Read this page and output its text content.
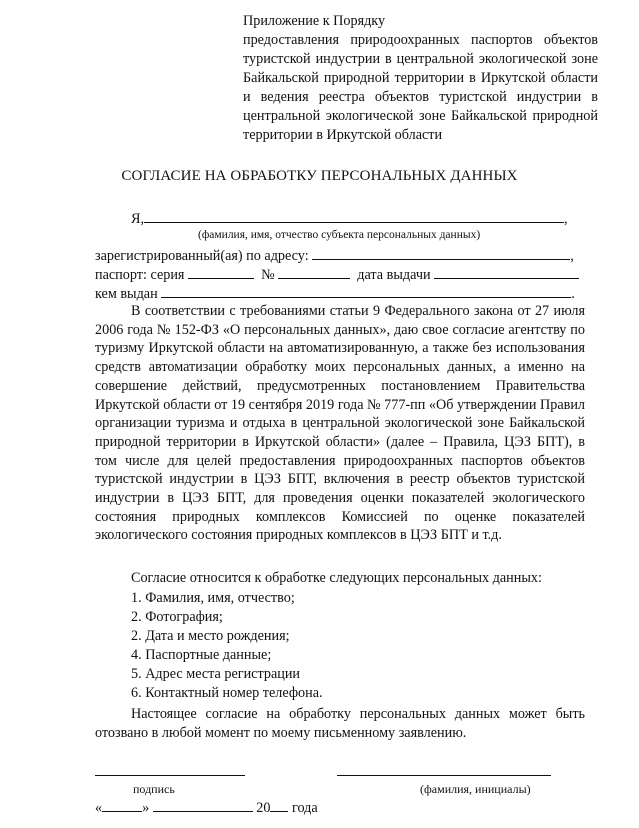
Приложение к Порядку
предоставления природоохранных паспортов объектов туристской индустрии в центральной экологической зоне Байкальской природной территории в Иркутской области и ведения реестра объектов туристской индустрии в центральной экологической зоне Байкальской природной территории в Иркутской области
СОГЛАСИЕ НА ОБРАБОТКУ ПЕРСОНАЛЬНЫХ ДАННЫХ
Я,	,
(фамилия, имя, отчество субъекта персональных данных)
зарегистрированный(ая) по адресу:	,
паспорт: серия	№	дата выдачи
кем выдан	.

В соответствии с требованиями статьи 9 Федерального закона от 27 июля 2006 года № 152-ФЗ «О персональных данных», даю свое согласие агентству по туризму Иркутской области на автоматизированную, а также без использования средств автоматизации обработку моих персональных данных, а именно на совершение действий, предусмотренных постановлением Правительства Иркутской области от 19 сентября 2019 года № 777-пп «Об утверждении Правил организации туризма и отдыха в центральной экологической зоне Байкальской природной территории в Иркутской области» (далее – Правила, ЦЭЗ БПТ), в том числе для целей предоставления природоохранных паспортов объектов туристской индустрии в ЦЭЗ БПТ, включения в реестр объектов туристской индустрии в ЦЭЗ БПТ, для проведения оценки показателей экологического состояния природных комплексов Комиссией по оценке показателей экологического состояния природных комплексов в ЦЭЗ БПТ и т.д.

Согласие относится к обработке следующих персональных данных:

1. Фамилия, имя, отчество;
2. Фотография;
2. Дата и место рождения;
4. Паспортные данные;
5. Адрес места регистрации
6. Контактный номер телефона.

Настоящее согласие на обработку персональных данных может быть отозвано в любой момент по моему письменному заявлению.

подпись	(фамилия, инициалы)
«	»	20 года
